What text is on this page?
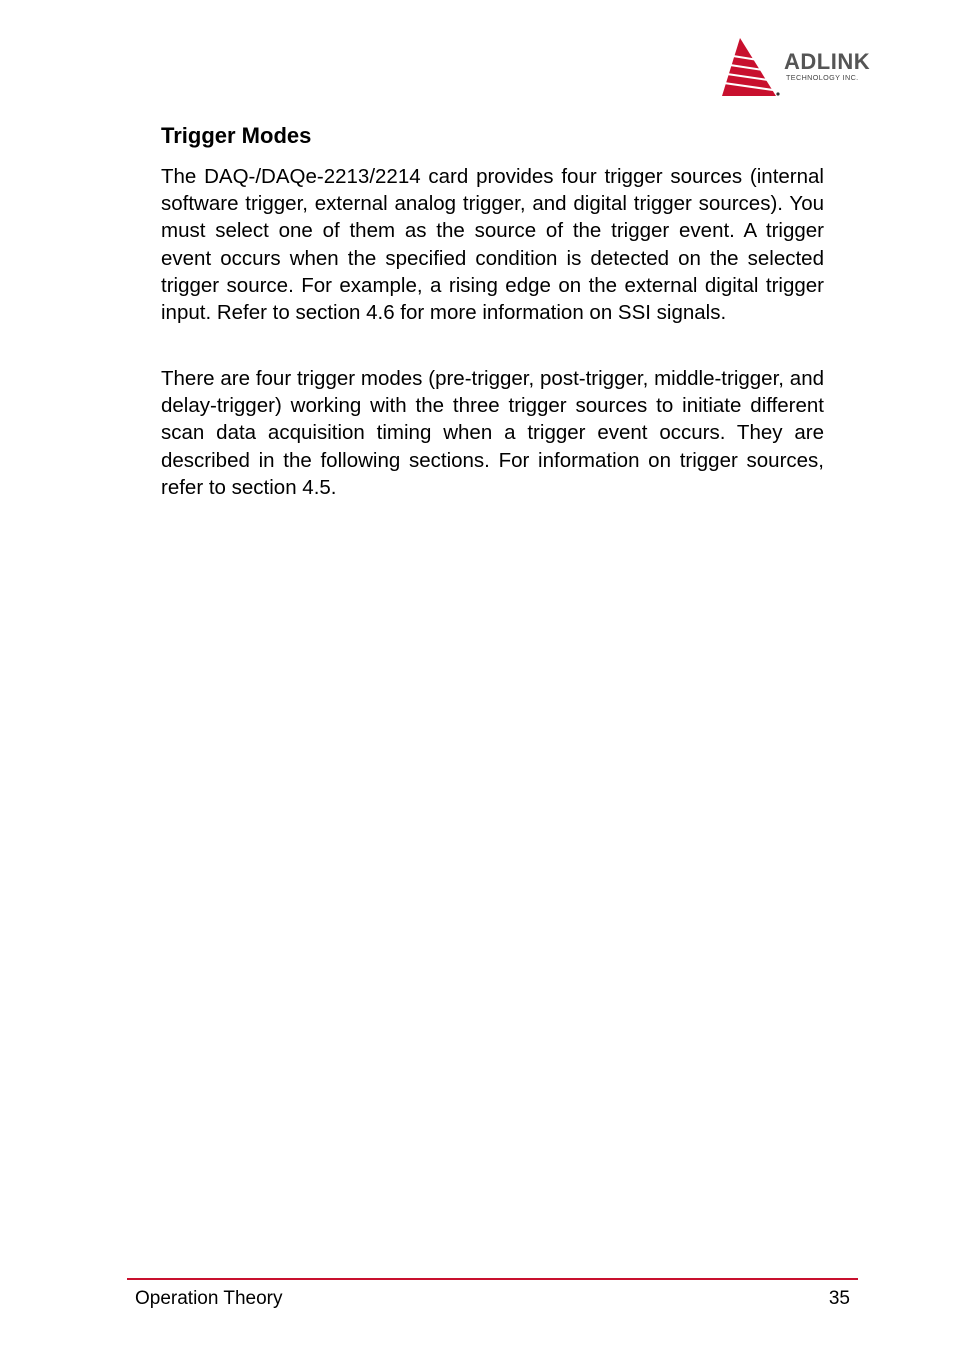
ADLINK
TECHNOLOGY INC.
Trigger Modes

The DAQ-/DAQe-2213/2214 card provides four trigger sources (internal software trigger, external analog trigger, and digital trigger sources). You must select one of them as the source of the trigger event. A trigger event occurs when the specified condition is detected on the selected trigger source. For example, a rising edge on the external digital trigger input. Refer to section 4.6 for more information on SSI signals.

There are four trigger modes (pre-trigger, post-trigger, middle-trigger, and delay-trigger) working with the three trigger sources to initiate different scan data acquisition timing when a trigger event occurs. They are described in the following sections. For information on trigger sources, refer to section 4.5.

Operation Theory	35
